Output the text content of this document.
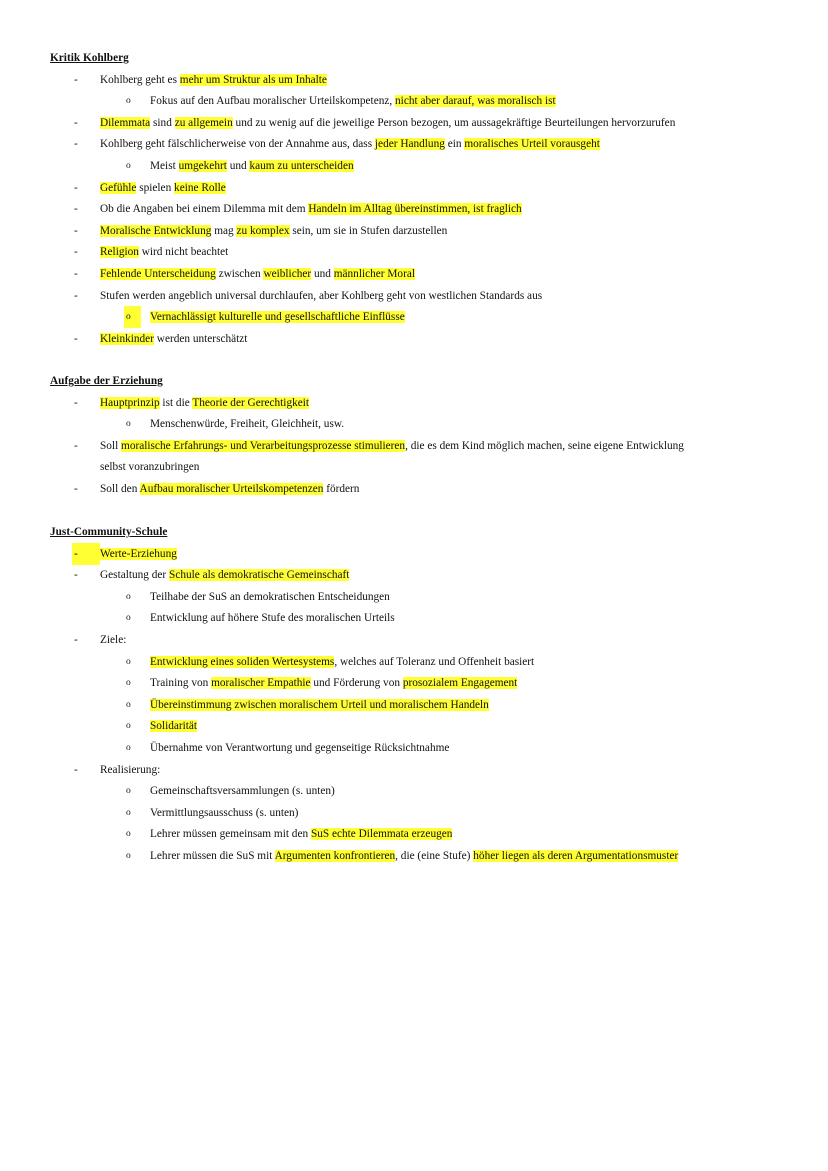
Kritik Kohlberg
- Kohlberg geht es mehr um Struktur als um Inhalte
o Fokus auf den Aufbau moralischer Urteilskompetenz, nicht aber darauf, was moralisch ist
- Dilemmata sind zu allgemein und zu wenig auf die jeweilige Person bezogen, um aussagekräftige Beurteilungen hervorzurufen
- Kohlberg geht fälschlicherweise von der Annahme aus, dass jeder Handlung ein moralisches Urteil vorausgeht
o Meist umgekehrt und kaum zu unterscheiden
- Gefühle spielen keine Rolle
- Ob die Angaben bei einem Dilemma mit dem Handeln im Alltag übereinstimmen, ist fraglich
- Moralische Entwicklung mag zu komplex sein, um sie in Stufen darzustellen
- Religion wird nicht beachtet
- Fehlende Unterscheidung zwischen weiblicher und männlicher Moral
- Stufen werden angeblich universal durchlaufen, aber Kohlberg geht von westlichen Standards aus
o	Vernachlässigt kulturelle und gesellschaftliche Einflüsse
- Kleinkinder werden unterschätzt
Aufgabe der Erziehung
- Hauptprinzip ist die Theorie der Gerechtigkeit
o Menschenwürde, Freiheit, Gleichheit, usw.
- Soll moralische Erfahrungs- und Verarbeitungsprozesse stimulieren, die es dem Kind möglich machen, seine eigene Entwicklung
selbst voranzubringen
- Soll den Aufbau moralischer Urteilskompetenzen fördern
Just-Community-Schule
-	Werte-Erziehung
- Gestaltung der Schule als demokratische Gemeinschaft
o Teilhabe der SuS an demokratischen Entscheidungen
o Entwicklung auf höhere Stufe des moralischen Urteils
- Ziele:
o Entwicklung eines soliden Wertesystems, welches auf Toleranz und Offenheit basiert
o Training von moralischer Empathie und Förderung von prosozialem Engagement
o Übereinstimmung zwischen moralischem Urteil und moralischem Handeln
o Solidarität
o Übernahme von Verantwortung und gegenseitige Rücksichtnahme
- Realisierung:
o Gemeinschaftsversammlungen (s. unten)
o Vermittlungsausschuss (s. unten)
o Lehrer müssen gemeinsam mit den SuS echte Dilemmata erzeugen
o Lehrer müssen die SuS mit Argumenten konfrontieren, die (eine Stufe) höher liegen als deren Argumentationsmuster
